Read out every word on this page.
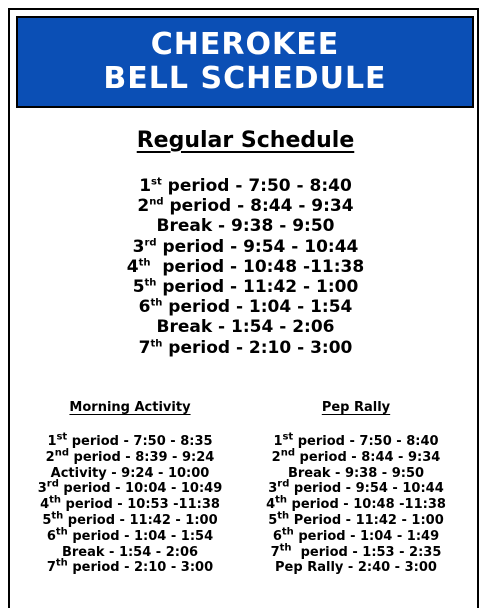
CHEROKEE
BELL SCHEDULE
Regular Schedule
1st period - 7:50 - 8:40
2nd period - 8:44 - 9:34
Break - 9:38 - 9:50
3rd period - 9:54 - 10:44
4th  period - 10:48 -11:38
5th period - 11:42 - 1:00
6th period - 1:04 - 1:54
Break - 1:54 - 2:06
7th period - 2:10 - 3:00
Morning Activity
1st period - 7:50 - 8:35
2nd period - 8:39 - 9:24
Activity - 9:24 - 10:00
3rd period - 10:04 - 10:49
4th period - 10:53 -11:38
5th period - 11:42 - 1:00
6th period - 1:04 - 1:54
Break - 1:54 - 2:06
7th period - 2:10 - 3:00
Pep Rally
1st period - 7:50 - 8:40
2nd period - 8:44 - 9:34
Break - 9:38 - 9:50
3rd period - 9:54 - 10:44
4th period - 10:48 -11:38
5th Period - 11:42 - 1:00
6th period - 1:04 - 1:49
7th  period - 1:53 - 2:35
Pep Rally - 2:40 - 3:00
